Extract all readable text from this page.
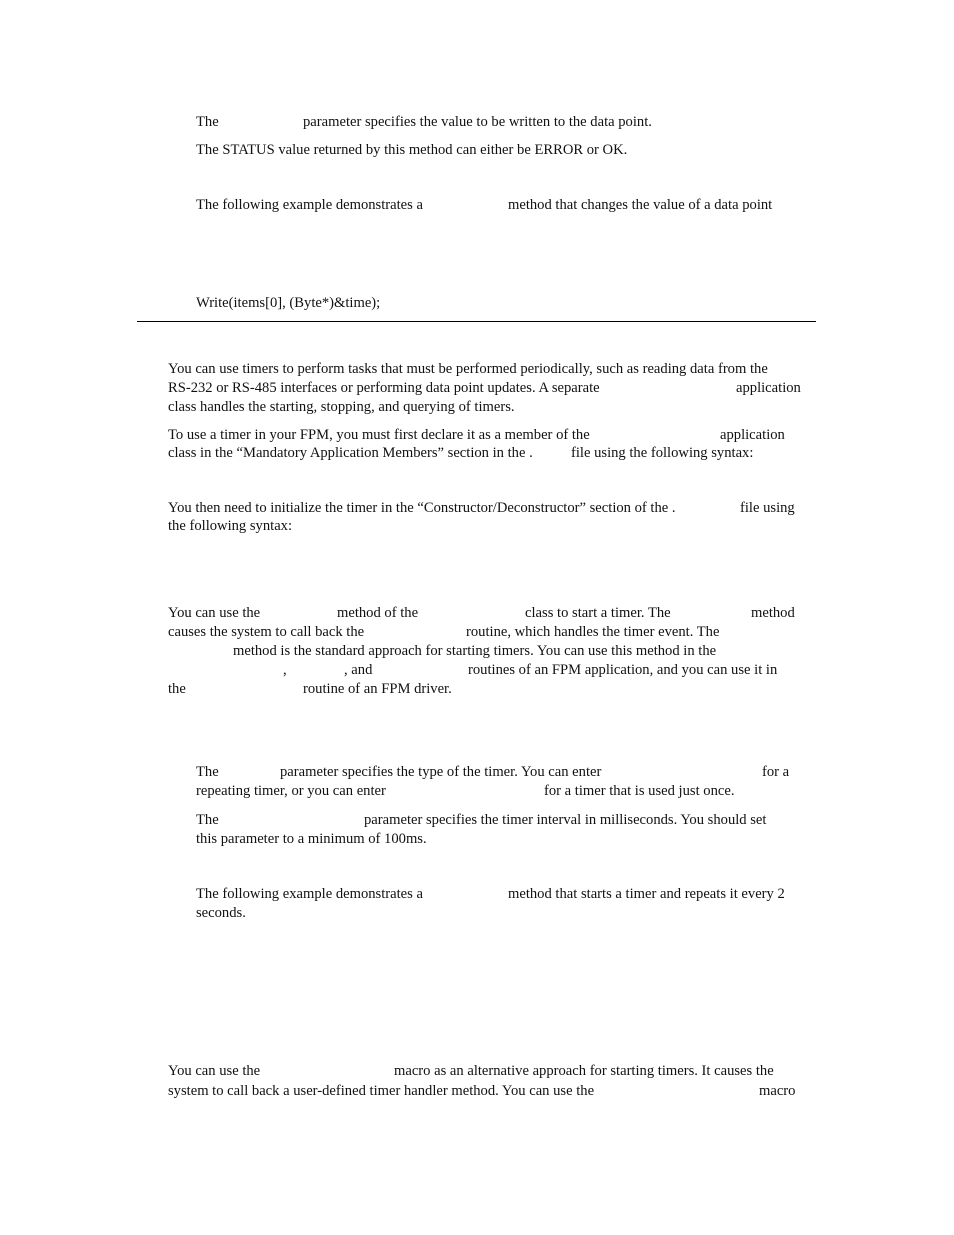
The	parameter specifies the value to be written to the data point.
The STATUS value returned by this method can either be ERROR or OK.
The following example demonstrates a	method that changes the value of a data point
Write(items[0], (Byte*)&time);
You can use timers to perform tasks that must be performed periodically, such as reading data from the
RS-232 or RS-485 interfaces or performing data point updates. A separate	application
class handles the starting, stopping, and querying of timers.
To use a timer in your FPM, you must first declare it as a member of the	application
class in the “Mandatory Application Members” section in the .	file using the following syntax:
You then need to initialize the timer in the “Constructor/Deconstructor” section of the .	file using
the following syntax:
You can use the	method of the	class to start a timer. The	method
causes the system to call back the	routine, which handles the timer event. The
method is the standard approach for starting timers. You can use this method in the
,	, and	routines of an FPM application, and you can use it in
the	routine of an FPM driver.
The	parameter specifies the type of the timer. You can enter	for a
repeating timer, or you can enter	for a timer that is used just once.
The	parameter specifies the timer interval in milliseconds. You should set
this parameter to a minimum of 100ms.
The following example demonstrates a	method that starts a timer and repeats it every 2
seconds.
You can use the	macro as an alternative approach for starting timers. It causes the
system to call back a user-defined timer handler method. You can use the	macro
